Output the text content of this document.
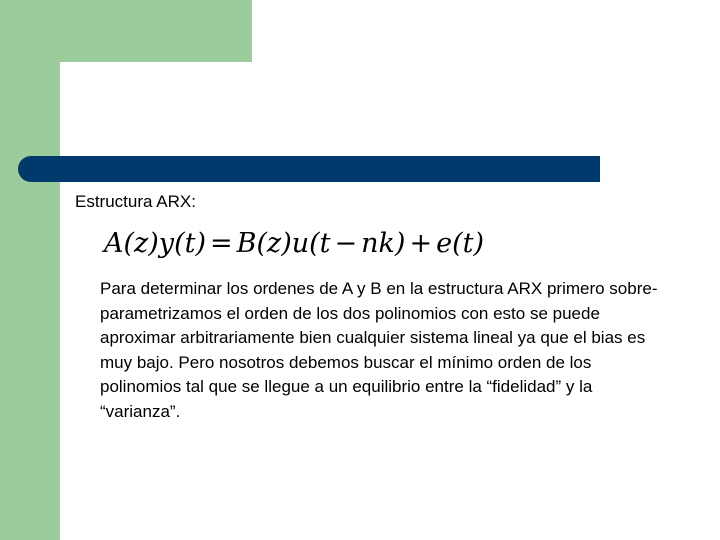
Estructura ARX:

A(z)y(t) = B(z)u(t − nk) + e(t)

Para determinar los ordenes de A y B en la estructura ARX primero sobre-parametrizamos el orden de los dos polinomios con esto se puede aproximar arbitrariamente bien cualquier sistema lineal ya que el bias es muy bajo. Pero nosotros debemos buscar el mínimo orden de los polinomios tal que se llegue a un equilibrio entre la “fidelidad” y la “varianza”.
